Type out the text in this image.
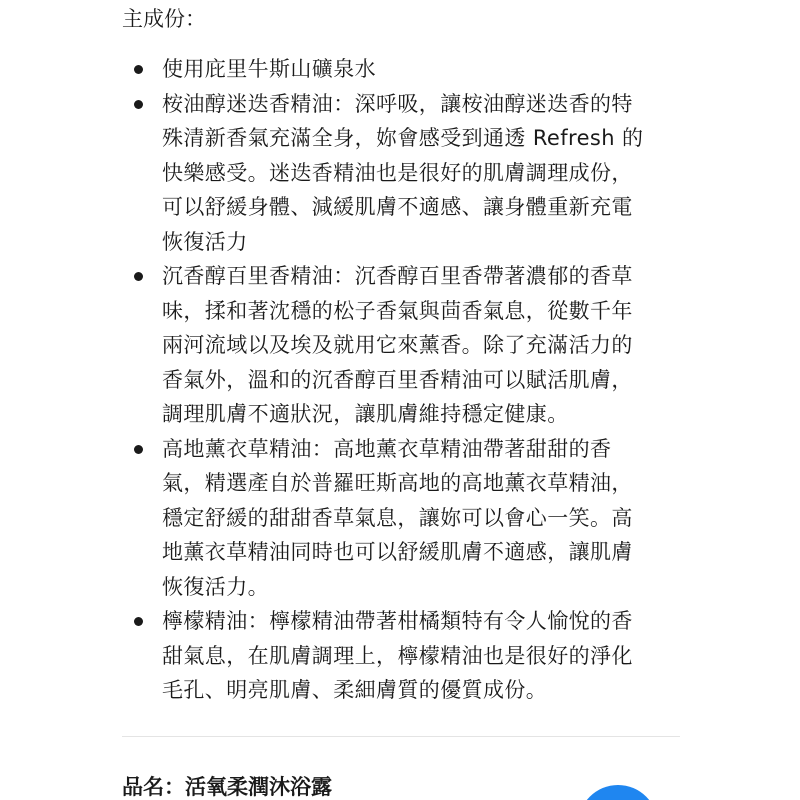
主成份：
使用庇里牛斯山礦泉水
桉油醇迷迭香精油：深呼吸，讓桉油醇迷迭香的特
殊清新香氣充滿全身，妳會感受到通透 Refresh 的
快樂感受。迷迭香精油也是很好的肌膚調理成份，
可以舒緩身體、減緩肌膚不適感、讓身體重新充電
恢復活力
沉香醇百里香精油：沉香醇百里香帶著濃郁的香草
味，揉和著沈穩的松子香氣與茴香氣息，從數千年
兩河流域以及埃及就用它來薰香。除了充滿活力的
香氣外，溫和的沉香醇百里香精油可以賦活肌膚，
調理肌膚不適狀況，讓肌膚維持穩定健康。
高地薰衣草精油：高地薰衣草精油帶著甜甜的香
氣，精選產自於普羅旺斯高地的高地薰衣草精油，
穩定舒緩的甜甜香草氣息，讓妳可以會心一笑。高
地薰衣草精油同時也可以舒緩肌膚不適感，讓肌膚
恢復活力。
檸檬精油：檸檬精油帶著柑橘類特有令人愉悅的香
甜氣息，在肌膚調理上，檸檬精油也是很好的淨化
毛孔、明亮肌膚、柔細膚質的優質成份。
品名：活氧柔潤沐浴露
